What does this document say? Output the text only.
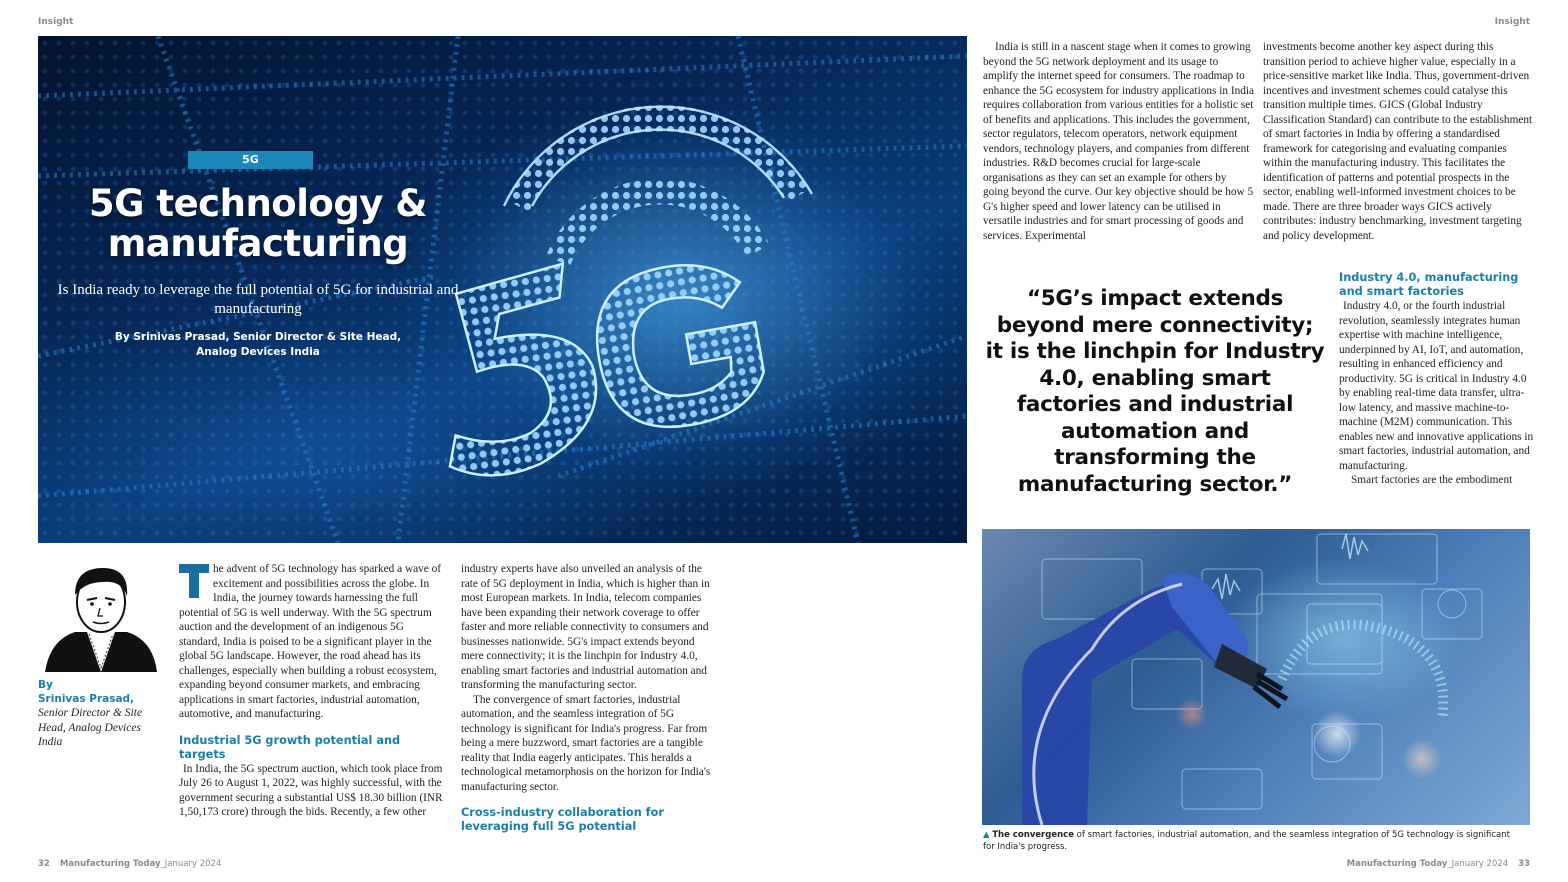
Insight	Insight
5G
5G technology & manufacturing
Is India ready to leverage the full potential of 5G for industrial and manufacturing
By Srinivas Prasad, Senior Director & Site Head, Analog Devices India

India is still in a nascent stage when it comes to growing beyond the 5G network deployment and its usage to amplify the internet speed for consumers. The roadmap to enhance the 5G ecosystem for industry applications in India requires collaboration from various entities for a holistic set of benefits and applications. This includes the government, sector regulators, telecom operators, network equipment vendors, technology players, and companies from different industries. R&D becomes crucial for large-scale organisations as they can set an example for others by going beyond the curve. Our key objective should be how 5 G's higher speed and lower latency can be utilised in versatile industries and for smart processing of goods and services. Experimental

investments become another key aspect during this transition period to achieve higher value, especially in a price-sensitive market like India. Thus, government-driven incentives and investment schemes could catalyse this transition multiple times. GICS (Global Industry Classification Standard) can contribute to the establishment of smart factories in India by offering a standardised framework for categorising and evaluating companies within the manufacturing industry. This facilitates the identification of patterns and potential prospects in the sector, enabling well-informed investment choices to be made. There are three broader ways GICS actively contributes: industry benchmarking, investment targeting and policy development.

“5G’s impact extends beyond mere connectivity; it is the linchpin for Industry 4.0, enabling smart factories and industrial automation and transforming the manufacturing sector.”
Industry 4.0, manufacturing and smart factories

Industry 4.0, or the fourth industrial revolution, seamlessly integrates human expertise with machine intelligence, underpinned by AI, IoT, and automation, resulting in enhanced efficiency and productivity. 5G is critical in Industry 4.0 by enabling real-time data transfer, ultra-low latency, and massive machine-to-machine (M2M) communication. This enables new and innovative applications in smart factories, industrial automation, and manufacturing.

Smart factories are the embodiment

▲ The convergence of smart factories, industrial automation, and the seamless integration of 5G technology is significant for India's progress.
By
Srinivas Prasad,
Senior Director & Site Head, Analog Devices India

he advent of 5G technology has sparked a wave of excitement and possibilities across the globe. In India, the journey towards harnessing the full potential of 5G is well underway. With the 5G spectrum auction and the development of an indigenous 5G standard, India is poised to be a significant player in the global 5G landscape. However, the road ahead has its challenges, especially when building a robust ecosystem, expanding beyond consumer markets, and embracing applications in smart factories, industrial automation, automotive, and manufacturing.

Industrial 5G growth potential and targets

In India, the 5G spectrum auction, which took place from July 26 to August 1, 2022, was highly successful, with the government securing a substantial US$ 18.30 billion (INR 1,50,173 crore) through the bids. Recently, a few other

industry experts have also unveiled an analysis of the rate of 5G deployment in India, which is higher than in most European markets. In India, telecom companies have been expanding their network coverage to offer faster and more reliable connectivity to consumers and businesses nationwide. 5G's impact extends beyond mere connectivity; it is the linchpin for Industry 4.0, enabling smart factories and industrial automation and transforming the manufacturing sector.

The convergence of smart factories, industrial automation, and the seamless integration of 5G technology is significant for India's progress. Far from being a mere buzzword, smart factories are a tangible reality that India eagerly anticipates. This heralds a technological metamorphosis on the horizon for India's manufacturing sector.

Cross-industry collaboration for leveraging full 5G potential
32 Manufacturing Today_January 2024	Manufacturing Today_January 2024 33
